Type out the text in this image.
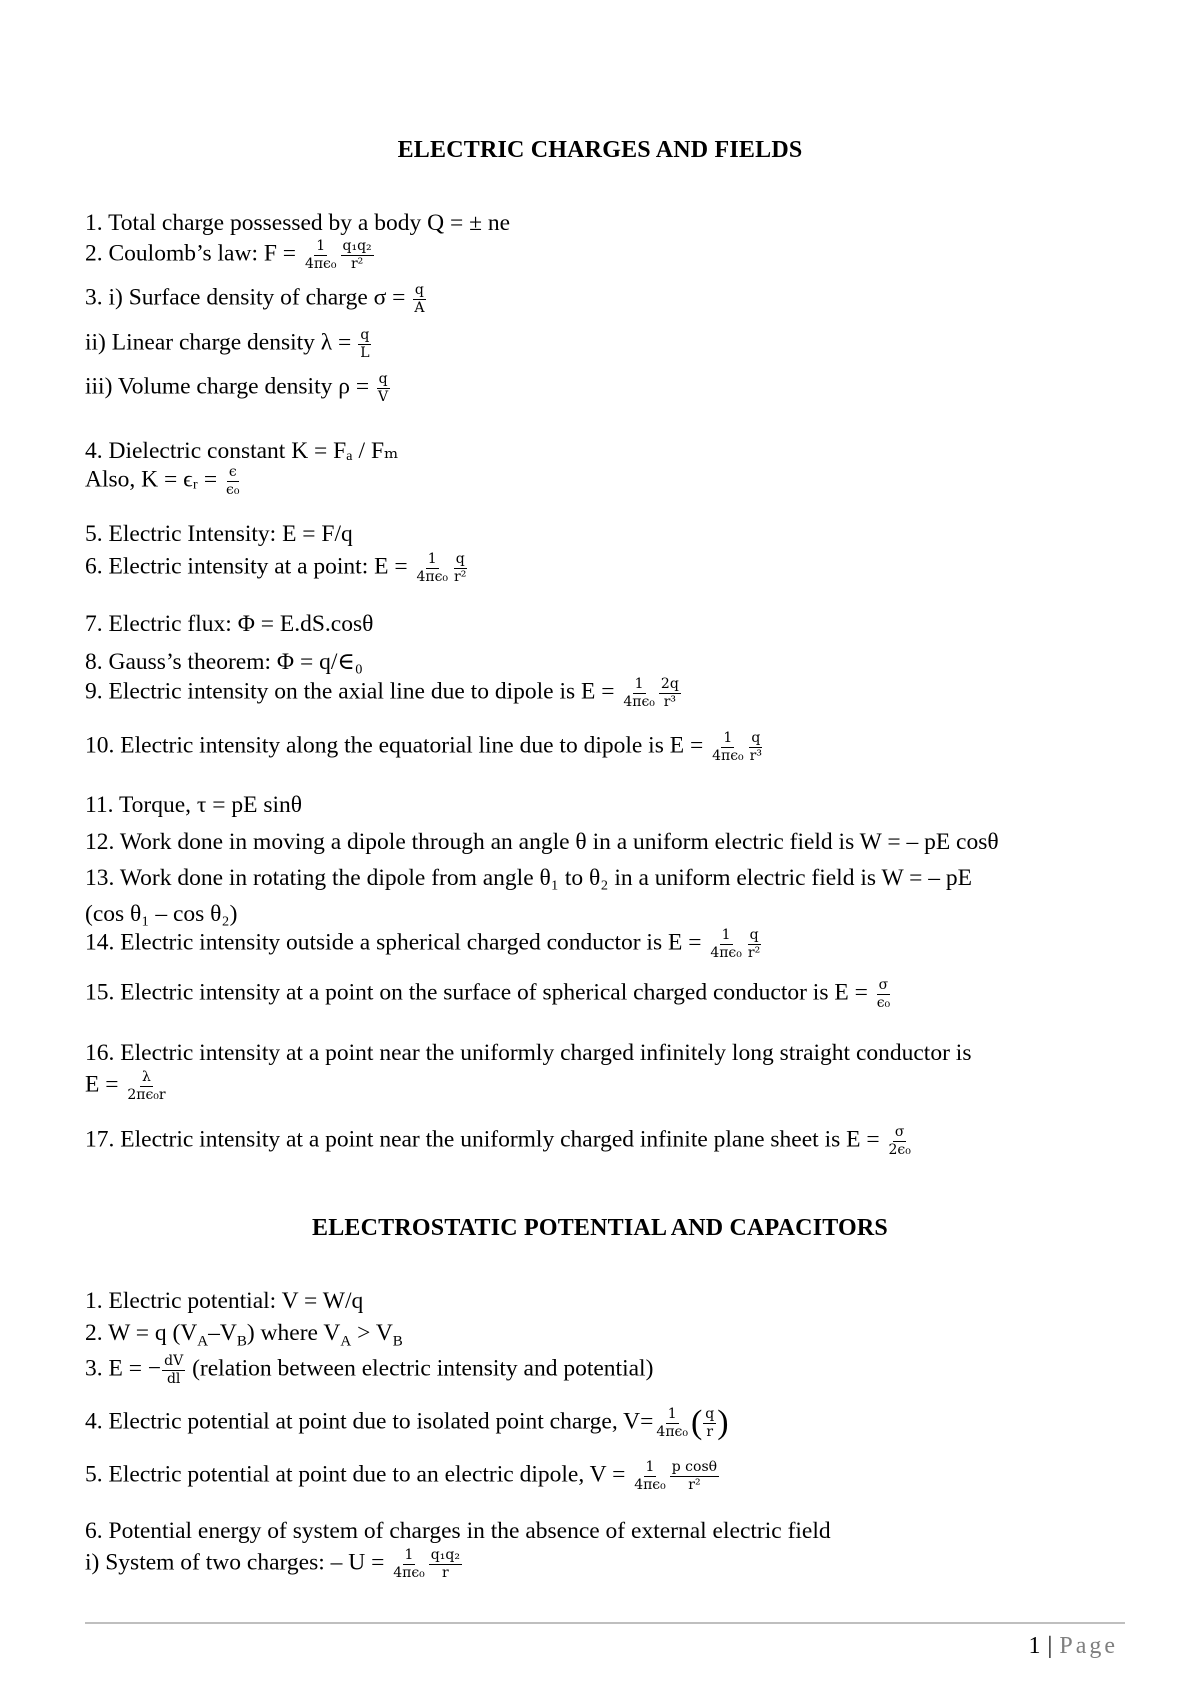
ELECTRIC CHARGES AND FIELDS
1. Total charge possessed by a body Q = ± ne
2. Coulomb’s law: $F = \frac{1}{\text{4πϵ₀}} \frac{\text{q₁q₂}}{\text{r²}}$
3. i) Surface density of charge $\sigma = \frac{q}{A}$
ii) Linear charge density $\lambda = \frac{q}{L}$
iii) Volume charge density $\rho = \frac{q}{V}$
4. Dielectric constant K = Fₐ / Fₘ
Also, K = ϵᵣ = $\frac{\epsilon}{\text{ϵ₀}}$
5. Electric Intensity: E = F/q
6. Electric intensity at a point: $E = \frac{1}{\text{4πϵ₀}} \frac{q}{\text{r²}}$
7. Electric flux: Φ = E.dS.cosθ
8. Gauss’s theorem: Φ = q/∈₀
9. Electric intensity on the axial line due to dipole is $E = \frac{1}{\text{4πϵ₀}} \frac{2q}{\text{r³}}$
10. Electric intensity along the equatorial line due to dipole is $E = \frac{1}{\text{4πϵ₀}} \frac{q}{\text{r³}}$
11. Torque, τ = pE sinθ
12. Work done in moving a dipole through an angle θ in a uniform electric field is W = – pE cosθ
13. Work done in rotating the dipole from angle θ₁ to θ₂ in a uniform electric field is W = – pE
(cos θ₁ – cos θ₂)
14. Electric intensity outside a spherical charged conductor is $E = \frac{1}{\text{4πϵ₀}} \frac{q}{\text{r²}}$
15. Electric intensity at a point on the surface of spherical charged conductor is $E = \frac{\sigma}{\text{ϵ₀}}$
16. Electric intensity at a point near the uniformly charged infinitely long straight conductor is
$E = \frac{\lambda}{\text{2πϵ₀r}}$
17. Electric intensity at a point near the uniformly charged infinite plane sheet is $E = \frac{\sigma}{\text{2ϵ₀}}$
ELECTROSTATIC POTENTIAL AND CAPACITORS
1. Electric potential: V = W/q
2. W = q $(V_A-V_B)$ where $V_A > V_B$
3. E = − $\frac{dV}{dl}$ (relation between electric intensity and potential)
4. Electric potential at point due to isolated point charge, $V= \frac{1}{\text{4πϵ₀}}$ ( $\frac{q}{r}$ )
5. Electric potential at point due to an electric dipole, $V = \frac{1}{\text{4πϵ₀}} \frac{\text{p cosθ}}{\text{r²}}$
6. Potential energy of system of charges in the absence of external electric field
i) System of two charges: – $U = \frac{1}{\text{4πϵ₀}} \frac{\text{q₁q₂}}{r}$
1 | Page
